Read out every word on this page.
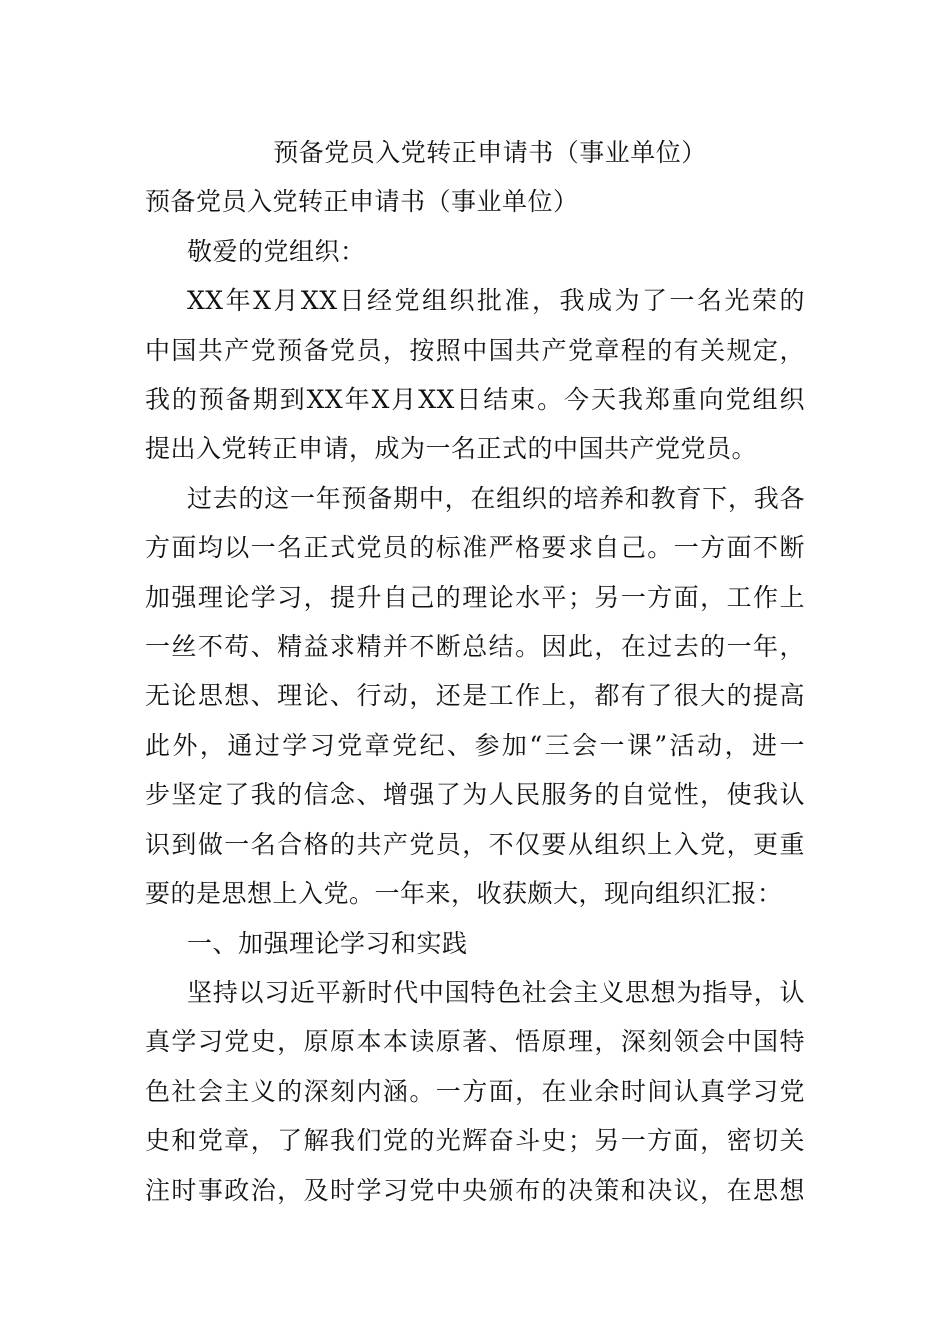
预备党员入党转正申请书（事业单位）

预备党员入党转正申请书（事业单位）

敬爱的党组织：

XX年X月XX日经党组织批准，我成为了一名光荣的
中国共产党预备党员，按照中国共产党章程的有关规定，
我的预备期到XX年X月XX日结束。今天我郑重向党组织
提出入党转正申请，成为一名正式的中国共产党党员。
过去的这一年预备期中，在组织的培养和教育下，我各
方面均以一名正式党员的标准严格要求自己。一方面不断
加强理论学习，提升自己的理论水平；另一方面，工作上
一丝不苟、精益求精并不断总结。因此，在过去的一年，
无论思想、理论、行动，还是工作上，都有了很大的提高
此外，通过学习党章党纪、参加“三会一课”活动，进一
步坚定了我的信念、增强了为人民服务的自觉性，使我认
识到做一名合格的共产党员，不仅要从组织上入党，更重
要的是思想上入党。一年来，收获颇大，现向组织汇报：

一、加强理论学习和实践

坚持以习近平新时代中国特色社会主义思想为指导，认
真学习党史，原原本本读原著、悟原理，深刻领会中国特
色社会主义的深刻内涵。一方面，在业余时间认真学习党
史和党章，了解我们党的光辉奋斗史；另一方面，密切关
注时事政治，及时学习党中央颁布的决策和决议，在思想
